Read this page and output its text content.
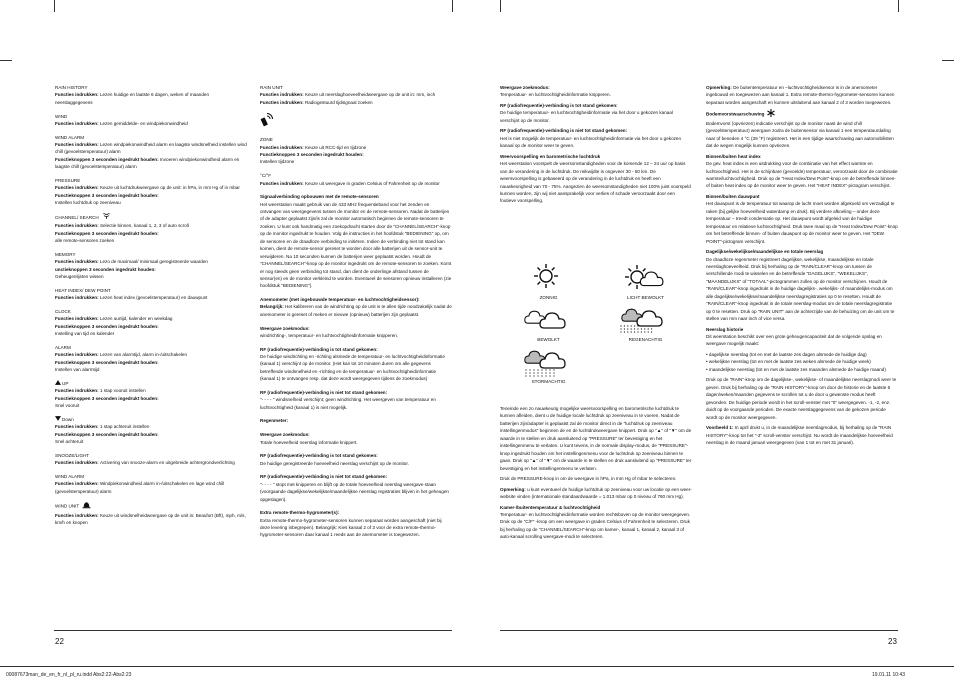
RAIN HISTORY

Functies indrukken: Lezen huidige en laatste 6 dagen, weken of maanden neerslaggegevens

WIND

Functies indrukken: Lezen gemiddelde- en windpiekonwindheid

WIND ALARM

Functies indrukken: Lezen windpiekonwindheid alarm en laagste windsnelheid instellen wind chill (gevoelstemperatuur) alarm

Functieknoppen 3 seconden ingedrukt houden: Invoeren windpiekonwindheid alarm en laagste chill (gevoelstemperatuur) alarm

PRESSURE

Functies indrukken: Keuze uit luchtdrukweergave op de unit: in hPa, in mm Hg of in mbar

Functieknoppen 3 seconden ingedrukt houden:

Instellen luchtdruk op zeeniveau

CHANNEL/ SEARCH

Functies indrukken: Selectie binnen, kanaal 1, 2, 3 of auto scroll

Functieknoppen 3 seconden ingedrukt houden:

alle remote-sensoren zoeken

MEMORY

Functies indrukken: Lezo de maximaal/ minimaal geregistreerde waarden

unctieknoppen 3 seconden ingedrukt houden:

Geheugenlijsten wissen

HEAT INDEX/ DEW POINT

Functies indrukken: Lezen heat index (gevoelstemperatuur) en dauwpunt

CLOCK

Functies indrukken: Lezen uurtijd, kalender en weekdag

Functieknoppen 3 seconden ingedrukt houden:

Instelling van tijd en kalender

ALARM

Functies indrukken: Lezen van alarmtijd, alarm in-/uitschakelen

Functieknoppen 3 seconden ingedrukt houden:

Instellen van alarmtijd

UP

Functies indrukken: 1 stap vooruit instellen

Functieknoppen 3 seconden ingedrukt houden:

Snel vooruit

Down

Functies indrukken: 1 stap achteruit instellen

Functieknoppen 3 seconden ingedrukt houden:

Snel achteruit

SNOOZE/LIGHT

Functies indrukken: Activering van snooze-alarm en uitgebreide achtergrondverlichting

WIND ALARM

Functies indrukken: Windpiekonwindheid alarm in-/uitschakelen en lage wind chill (gevoelstemperatuur) alarm

WIND UNIT

Functies indrukken: Keuze uit windsnelheidweergave op de unit in: Beaufort (Bft), mph, m/s, km/h en knopen

RAIN UNIT

Functies indrukken: Keuze uit neerslaghoeveelheidweergave op de unit in: mm, inch

Functies indrukken: Radiogestuurd tijdsignaal zoeken

ZONE

Functies indrukken: Keuze uit RCC-tijd en tijdzone

Functieknoppen 3 seconden ingedrukt houden:

Instellen tijdzone

°C/°F

Functies indrukken: Keuze uit weergave in graden Celsius of Fahrenheit op de monitor

Signaalverbinding opbouwen met de remote-sensoren

Het weerstation maakt gebruik van de 433 MHz frequentieband voor het zenden en ontvangen van weergegevens tussen de monitor en de remote-sensoren. Nadat de batterijen of de adapter geplaatst zijn/is zal de monitor automatisch beginnen de remote-sensoren te zoeken. U kunt ook handmatig een zoekopdracht starten door de "CHANNEL/SEARCH"-knop op de monitor ingedrukt te houden. Volg de instructies in het hoofdstuk "BEDIENING" op, om de sensoren en de draadloze verbinding te initiëren. Indien de verbinding niet tot stand kan komen, dient de remote-sensor gereset te worden door alle batterijen uit de sensor-unit te verwijderen. Na 10 seconden kunnen de batterijen weer geplaatst worden. Houdt de "CHANNEL/SEARCH"-knop op de monitor ingedrukt om de remote-sensoren te zoeken. Komt er nog steeds geen verbinding tot stand, dan dient de onderlinge afstand tussen de sensor(en) en de monitor verkleind te worden. Eventueel de sensoren opnieuw installeren (zie hoofdstuk "BEDIENING").

Anemometer (met ingebouwde temperatuur- en luchtvochtigheidsensor):

Belangrijk: Het kalibreren van de windrichting op de unit is te allen tijde noodzakelijk nadat de anemometer is gereset of meken er nieuwe (opnieuw) batterijen zijn geplaatst.

Weergave zoekmodus:

windrichting-, temperatuur- en luchtvochtigheidinformatie knipperen.

RF (radiofrequentie)-verbinding is tot stand gekomen:

De huidige windrichting en -richting alsmede de temperatuur- en luchtvochtigheidinformatie (kanaal 1) verschijnt op de monitor. (Het kan tot 10 minuten duren om alle gegevens betreffende windsnelheid en -richting en de temperatuur- en luchtvochtigheidinformatie (kanaal 1) te ontvangen resp. dat deze wordt weergegeven tijdens de zoekmodus)

RF (radiofrequentie)-verbinding is niet tot stand gekomen:

"- - - - " windsnelheid verschijnt; geen windrichting. Het weergeven van temperatuur en luchtvochtigheid (kanaal 1) is niet mogelijk.

Regenmeter:

Weergave zoekmodus:

Totale hoeveelheid neerslag informatie knippert.

RF (radiofrequentie)-verbinding is tot stand gekomen:

De huidige geregistreerde hoeveelheid neerslag verschijnt op de monitor.

RF (radiofrequentie)-verbinding is niet tot stand gekomen:

"- - - - " stopt met knipperen en blijft op de totale hoeveelheid neerslag weergave staan (voorgaande dagelijkse/wekelijkse/maandelijkse neerslag registraties blijven in het geheugen opgeslagen).

Extra remote-thermo-hygrometer(s):

Extra remote-thermo-hygrometer-sensoren kunnen separaat worden aangeschaft (niet bij deze levering inbegrepen). Belangrijk: Kies kanaal 2 of 3 voor de extra remote-thermo-hygrometer-sensoren daar kanaal 1 reeds aan de anemometer is toegewezen.

Weergave zoekmodus:

Temperatuur- en luchtvochtigheidinformatie knipperen.

RF (radiofrequentie)-verbinding is tot stand gekomen:

De huidige temperatuur- en luchtvochtigheidinformatie via het door u gekozen kanaal verschijnt op de monitor.

RF (radiofrequentie)-verbinding is niet tot stand gekomen:

Het is niet mogelijk de temperatuur- en luchtvochtigheidinformatie via het door u gekozen kanaal op de monitor weer te geven.

Weervoorspelling en barometrische luchtdruk

Het weerstation voorspelt de weersomstandigheden voor de komende 12 – 24 uur op basis van de verandering in de luchtdruk. De reikwijdte is ongeveer 30 - 50 km. De weersvoorspelling is gebaseerd op de verandering in de luchtdruk en heeft een nauwkeurigheid van 70 - 75%. Aangezien de weersomstandigheden niet 100% juist voorspeld kunnen worden, zijn wij niet aansprakelijk voor verlies of schade veroorzaakt door een foutieve voorspelling.

ZONNIG	LICHT BEWOLKT
BEWOLKT	REGENACHTIG
STORMACHTIG

Teneinde een zo nauwkeurig mogelijke weersvoorspelling en barometrische luchtdruk te kunnen afleiden, dient u de huidige locale luchtdruk op zeeniveau in te voeren. Nadat de batterijen zijn/adapter is geplaatst zal de monitor direct in de "luchtdruk op zeeniveau instellingenmodus" beginnen de en de luchtdrukweergave knippert. Druk op "▲" of "▼" om de waarde in te stellen en druk aansluitend op "PRESSURE" ter bevestiging en het instellingenmenu te verlaten. U kunt tevens, in de normale display-modus, de "PRESSURE"-knop ingedrukt houden om het instellingenmenu voor de luchtdruk op zeeniveau binnen te gaan. Druk op "▲" of "▼" om de waarde in te stellen en druk aansluitend op "PRESSURE" ter bevestiging en het instellingenmenu te verlaten.

Druk de PRESSURE-knop in om de weergave in hPa, in mm Hg of mbar te selecteren.

Opmerking: u kunt eventueel de huidige luchtdruk op zeeniveau voor uw locatie op een weer-website vinden (internationale standaardwaarde = 1.013 mbar op 0 niveau of 760 mm Hg).

Kamer-/buitentemperatuur & luchtvochtigheid

Temperatuur- en luchtvochtigheidinformatie worden rechtsboven op de monitor weergegeven. Druk op de "C/F" -knop om een weergave in graden Celsius of Fahrenheit te selecteren. Druk bij herhaling op de "CHANNEL/SEARCH"-knop om kamer-, kanaal 1, kanaal 2, kanaal 3 of auto-kanaal scrolling weergave-modi te selecteren.

Opmerking: De buitentemperatuur en –luchtvochtigheidsensor is in de anemometer ingebouwd en toegewezen aan kanaal 1. Extra remote-thermo-hygrometer-sensoren kunnen separaat worden aangeschaft en kunnen uitsluitend aan kanaal 2 of 3 worden toegewezen.

Bodemvorstwaarschuwing

Bodemvorst (opvriezen) indicatie verschijnt op de monitor naast de wind chill (gevoelstemperatuur) weergave zodra de buitensensor via kanaal 1 een temperatuurdaling naar of beneden 4 °C (39 °F) registreert. Het is een tijdige waarschuwing aan automobilisten dat de wegen mogelijk kunnen opvriezen.

Binnen/buiten heat index

De gev. heat index is een uitdrukking voor de combinatie van het effect warmte en luchtvochtigheid. Het is de schijnbare (gevoelde) temperatuur, veroorzaakt door de combinatie warmte/luchtvochtigheid. Druk op de "Heat Index/Dew Point"-knop om de betreffende binnen- of buiten heat index op de monitor weer te geven. Het "HEAT INDEX"-pictogram verschijnt.

Binnen/buiten dauwpunt

Het dauwpunt is de temperatuur tot waarop de lucht moet worden afgekoeld om verzadigd te raken (bij gelijke hoeveelheid waterdamp en druk). Bij verdere afkoeling – onder deze temperatuur – treedt condensatie op. Het dauwpunt wordt afgeleid van de huidige temperatuur en relatieve luchtvochtigheid. Druk twee maal op de "Heat Index/Dew Point"-knop om het betreffende binnen- of buiten dauwpunt op de monitor weer te geven. Het "DEW POINT"-pictogram verschijnt.

Dagelijkse/wekelijkse/maandelijkse en totale neerslag

De draadloze regenmeter registreert dagelijkse, wekelijkse, maandelijkse en totale neerslaghoeveelheid. Druk bij herhaling op de "RAIN/CLEAR"-knop om tussen de verschillende modi te wisselen en de betreffende "DAGELIJKS", "WEKELIJKS", "MAANDELIJKS" of "TOTAAL"-pictogrammen zullen op de monitor verschijnen. Houdt de "RAIN/CLEAR"-knop ingedrukt in de huidige dagelijks-, wekelijks- of maandelijks-modus om alle dagelijkse/wekelijkse/maandelijkse neerslagregistraties op 0 te resetten. Houdt de "RAIN/CLEAR"-knop ingedrukt in de totale neerslag-modus om de totale neerslagregistratie op 0 te resetten. Druk op "RAIN UNIT" aan de achterzijde van de behuizing om de unit om te stellen van mm naar inch of vice versa.

Neerslag historie

Dit weerstation beschikt over een grote geheugencapaciteit dat de volgende opslag en weergave mogelijk maakt:

• dagelijkse neerslag (tot en met de laatste zes dagen alsmede de huidige dag)
• wekelijkse neerslag (tot en met de laatste zes weken alsmede de huidige week)
• maandelijkse neerslag (tot en met de laatste zes maanden alsmede de huidige maand)

Druk op de "RAIN"-knop om de dagelijkse-, wekelijkse- of maandelijkse neerslagmodi weer te geven. Druk bij herhaling op de "RAIN HISTORY"-knop om door de historie en de laatste 6 dagen/weken/maanden gegevens te scrollen tot u de door u gewenste modus heeft gevonden. De huidige periode wordt in het scroll-venster met "0" weergegeven. -1, -2, enz. duidt op de voorgaande perioden. De exacte neerslaggegevens van de gekozen periode wordt op de monitor weergegeven.

Voorbeeld 1: In april drukt u, in de maandelijkse neerslagmodus, bij herhaling op de "RAIN HISTORY"-knop tot het "-3" scroll-venster verschijnt. Nu wordt de maandelijkse hoeveelheid neerslag in de maand januari weergegeven (van 1 tot en met 31 januari).

22	23
00087673man_de_en_fr_nl_pl_ru.indd Abs2:22-Abs2:23	19.01.11 10:43
